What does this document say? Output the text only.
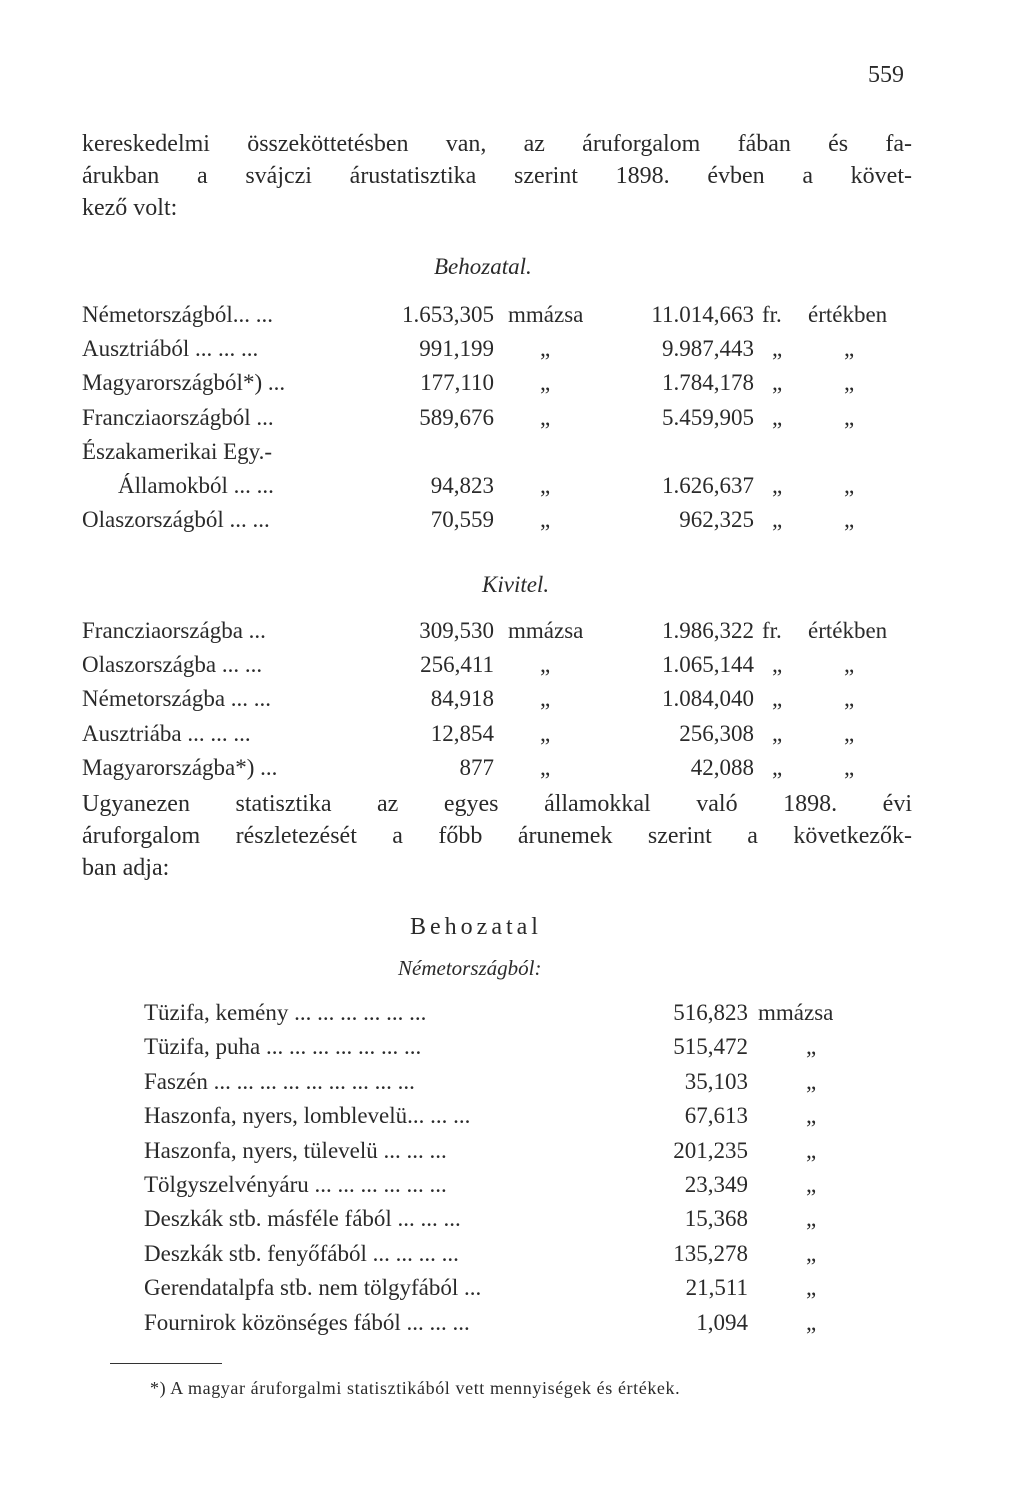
559

kereskedelmi összeköttetésben van, az áruforgalom fában és fa-

árukban a svájczi árustatisztika szerint 1898. évben a követ-

kező volt:

Behozatal.
Németországból... ...	1.653,305 mmázsa	11.014,663 fr. értékben
Ausztriából ... ... ...	991,199 „	9.987,443 „	„
Magyarországból*) ...	177,110 „	1.784,178 „	„
Francziaországból ...	589,676 „	5.459,905 „	„
Északamerikai Egy.-
Államokból ... ...	94,823 „	1.626,637 „	„
Olaszországból ... ...	70,559 „	962,325 „	„
Kivitel.
Francziaországba ...	309,530 mmázsa	1.986,322 fr. értékben
Olaszországba ... ...	256,411 „	1.065,144 „	„
Németországba ... ...	84,918 „	1.084,040 „	„
Ausztriába ... ... ...	12,854 „	256,308 „	„
Magyarországba*) ...	877 „	42,088 „	„

Ugyanezen statisztika az egyes államokkal való 1898. évi

áruforgalom részletezését a főbb árunemek szerint a következők-

ban adja:

Behozatal
Németországból:
Tüzifa, kemény ... ... ... ... ... ...	516,823 mmázsa
Tüzifa, puha ... ... ... ... ... ... ...	515,472	„
Faszén ... ... ... ... ... ... ... ... ...	35,103	„
Haszonfa, nyers, lomblevelü... ... ...	67,613	„
Haszonfa, nyers, tülevelü ... ... ...	201,235	„
Tölgyszelvényáru ... ... ... ... ... ...	23,349	„
Deszkák stb. másféle fából ... ... ...	15,368	„
Deszkák stb. fenyőfából ... ... ... ...	135,278	„
Gerendatalpfa stb. nem tölgyfából ...	21,511	„
Fournirok közönséges fából ... ... ...	1,094	„
*) A magyar áruforgalmi statisztikából vett mennyiségek és értékek.
